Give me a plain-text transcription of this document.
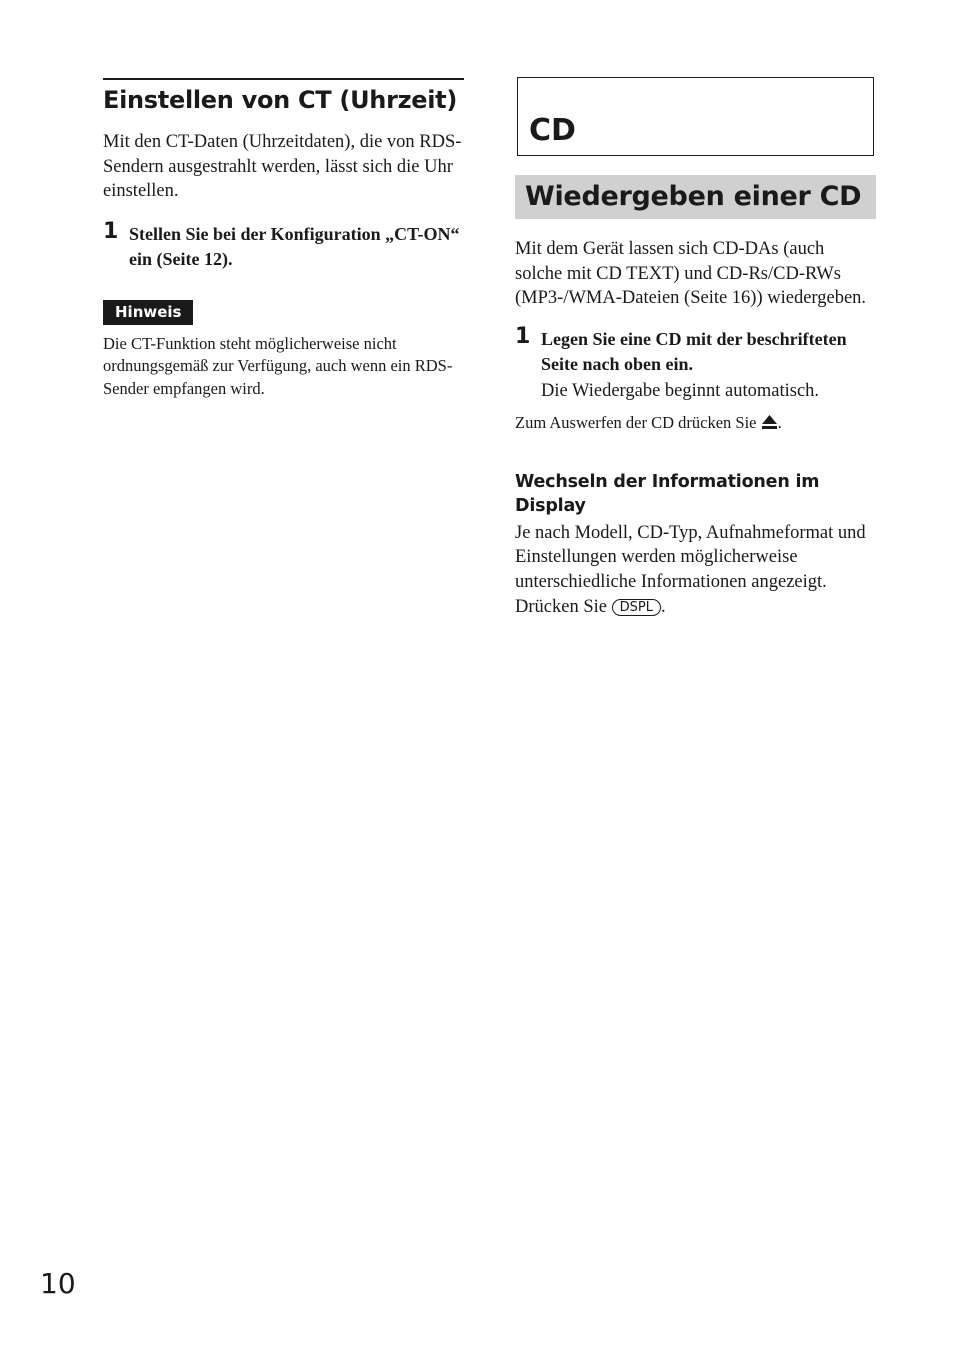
Einstellen von CT (Uhrzeit)

Mit den CT-Daten (Uhrzeitdaten), die von RDS-Sendern ausgestrahlt werden, lässt sich die Uhr einstellen.

1 Stellen Sie bei der Konfiguration „CT-ON“ ein (Seite 12).

Hinweis

Die CT-Funktion steht möglicherweise nicht ordnungsgemäß zur Verfügung, auch wenn ein RDS-Sender empfangen wird.

CD
Wiedergeben einer CD

Mit dem Gerät lassen sich CD-DAs (auch solche mit CD TEXT) und CD-Rs/CD-RWs (MP3-/WMA-Dateien (Seite 16)) wiedergeben.

1 Legen Sie eine CD mit der beschrifteten Seite nach oben ein.

Die Wiedergabe beginnt automatisch.

Zum Auswerfen der CD drücken Sie .

Wechseln der Informationen im Display

Je nach Modell, CD-Typ, Aufnahmeformat und Einstellungen werden möglicherweise unterschiedliche Informationen angezeigt.
Drücken Sie DSPL .

10
